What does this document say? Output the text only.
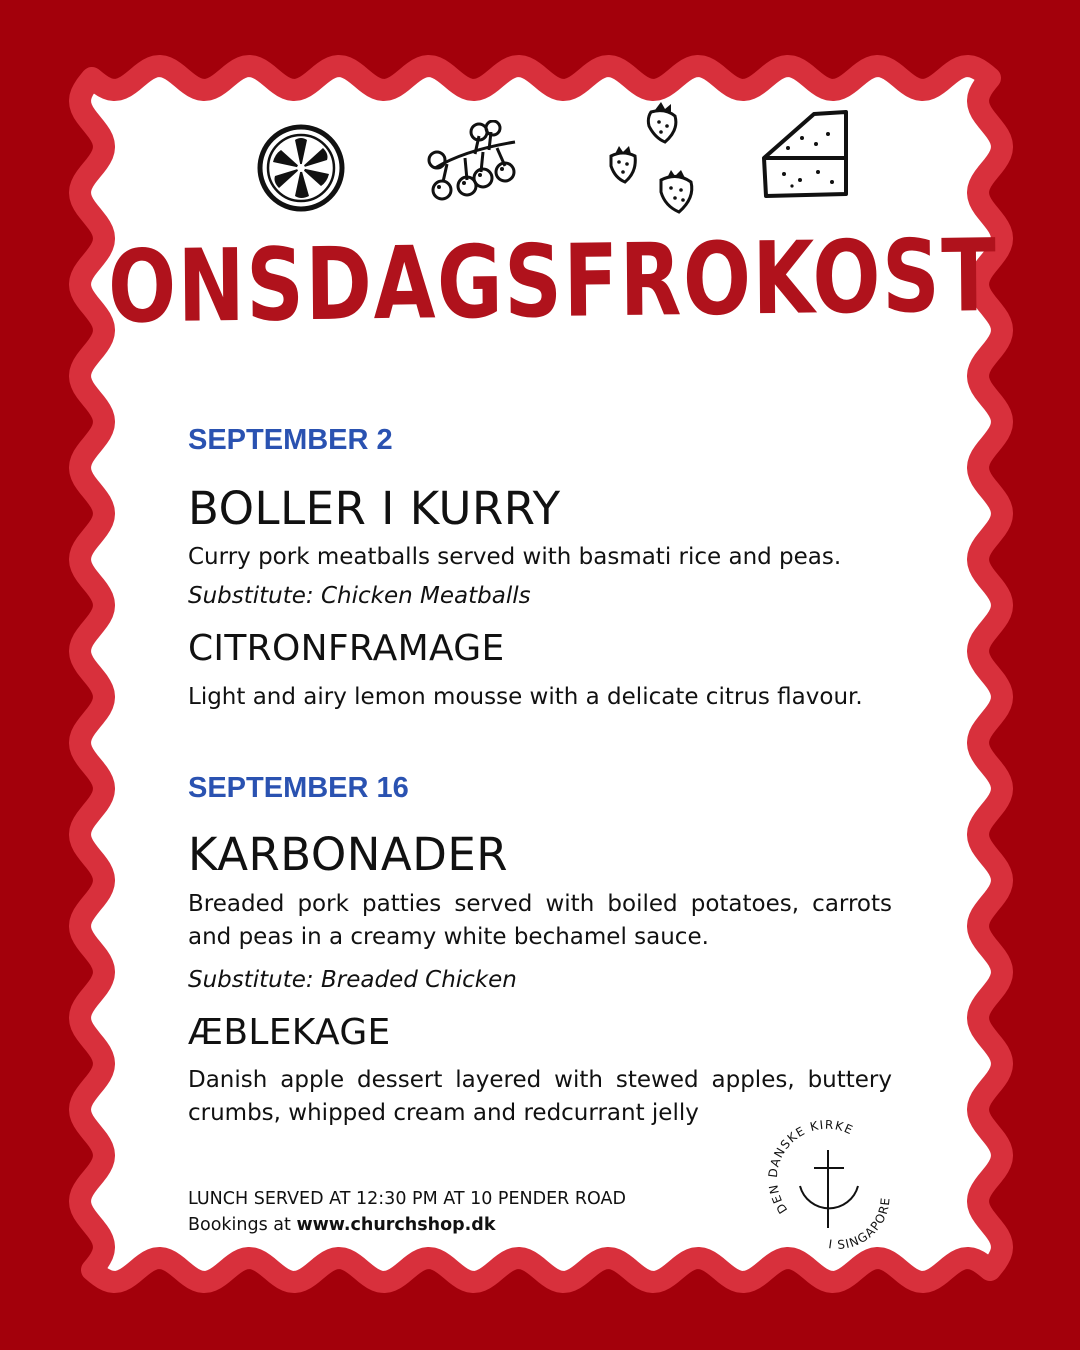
ONSDAGSFROKOST
SEPTEMBER 2
BOLLER I KURRY
Curry pork meatballs served with basmati rice and peas.
Substitute: Chicken Meatballs
CITRONFRAMAGE
Light and airy lemon mousse with a delicate citrus flavour.
SEPTEMBER 16
KARBONADER
Breaded pork patties served with boiled potatoes, carrots and peas in a creamy white bechamel sauce.
Substitute: Breaded Chicken
ÆBLEKAGE
Danish apple dessert layered with stewed apples, buttery crumbs, whipped cream and redcurrant jelly
LUNCH SERVED AT 12:30 PM AT 10 PENDER ROAD
Bookings at www.churchshop.dk
DEN DANSKE KIRKE
I SINGAPORE
